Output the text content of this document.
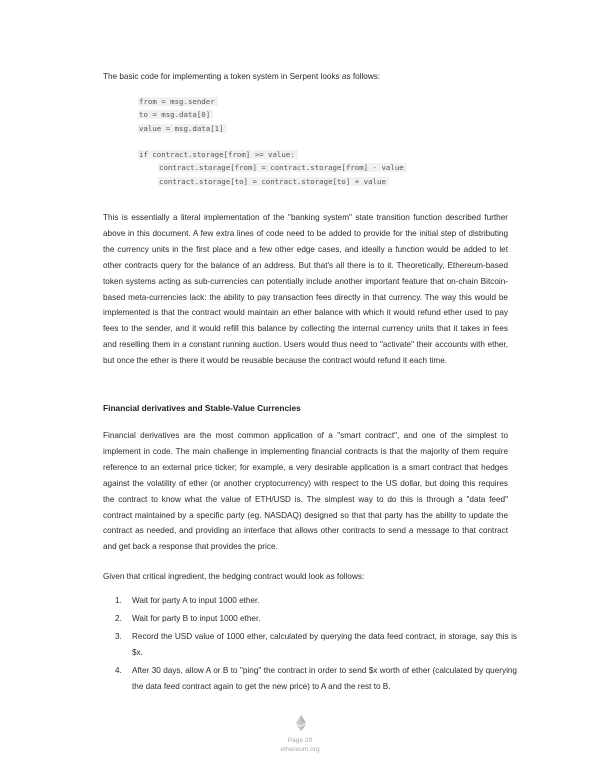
The basic code for implementing a token system in Serpent looks as follows:

from = msg.sender
to = msg.data[0]
value = msg.data[1]
if contract.storage[from] >= value:
contract.storage[from] = contract.storage[from] - value
contract.storage[to] = contract.storage[to] + value

This is essentially a literal implementation of the "banking system" state transition function described further above in this document. A few extra lines of code need to be added to provide for the initial step of distributing the currency units in the first place and a few other edge cases, and ideally a function would be added to let other contracts query for the balance of an address. But that's all there is to it. Theoretically, Ethereum-based token systems acting as sub-currencies can potentially include another important feature that on-chain Bitcoin-based meta-currencies lack: the ability to pay transaction fees directly in that currency. The way this would be implemented is that the contract would maintain an ether balance with which it would refund ether used to pay fees to the sender, and it would refill this balance by collecting the internal currency units that it takes in fees and reselling them in a constant running auction. Users would thus need to "activate" their accounts with ether, but once the ether is there it would be reusable because the contract would refund it each time.

Financial derivatives and Stable-Value Currencies

Financial derivatives are the most common application of a "smart contract", and one of the simplest to implement in code. The main challenge in implementing financial contracts is that the majority of them require reference to an external price ticker; for example, a very desirable application is a smart contract that hedges against the volatility of ether (or another cryptocurrency) with respect to the US dollar, but doing this requires the contract to know what the value of ETH/USD is. The simplest way to do this is through a "data feed" contract maintained by a specific party (eg. NASDAQ) designed so that that party has the ability to update the contract as needed, and providing an interface that allows other contracts to send a message to that contract and get back a response that provides the price.

Given that critical ingredient, the hedging contract would look as follows:

1.	Wait for party A to input 1000 ether.
2.	Wait for party B to input 1000 ether.
3.	Record the USD value of 1000 ether, calculated by querying the data feed contract, in storage, say this is $x.
4.	After 30 days, allow A or B to "ping" the contract in order to send $x worth of ether (calculated by querying the data feed contract again to get the new price) to A and the rest to B.
Page 20
ethereum.org
